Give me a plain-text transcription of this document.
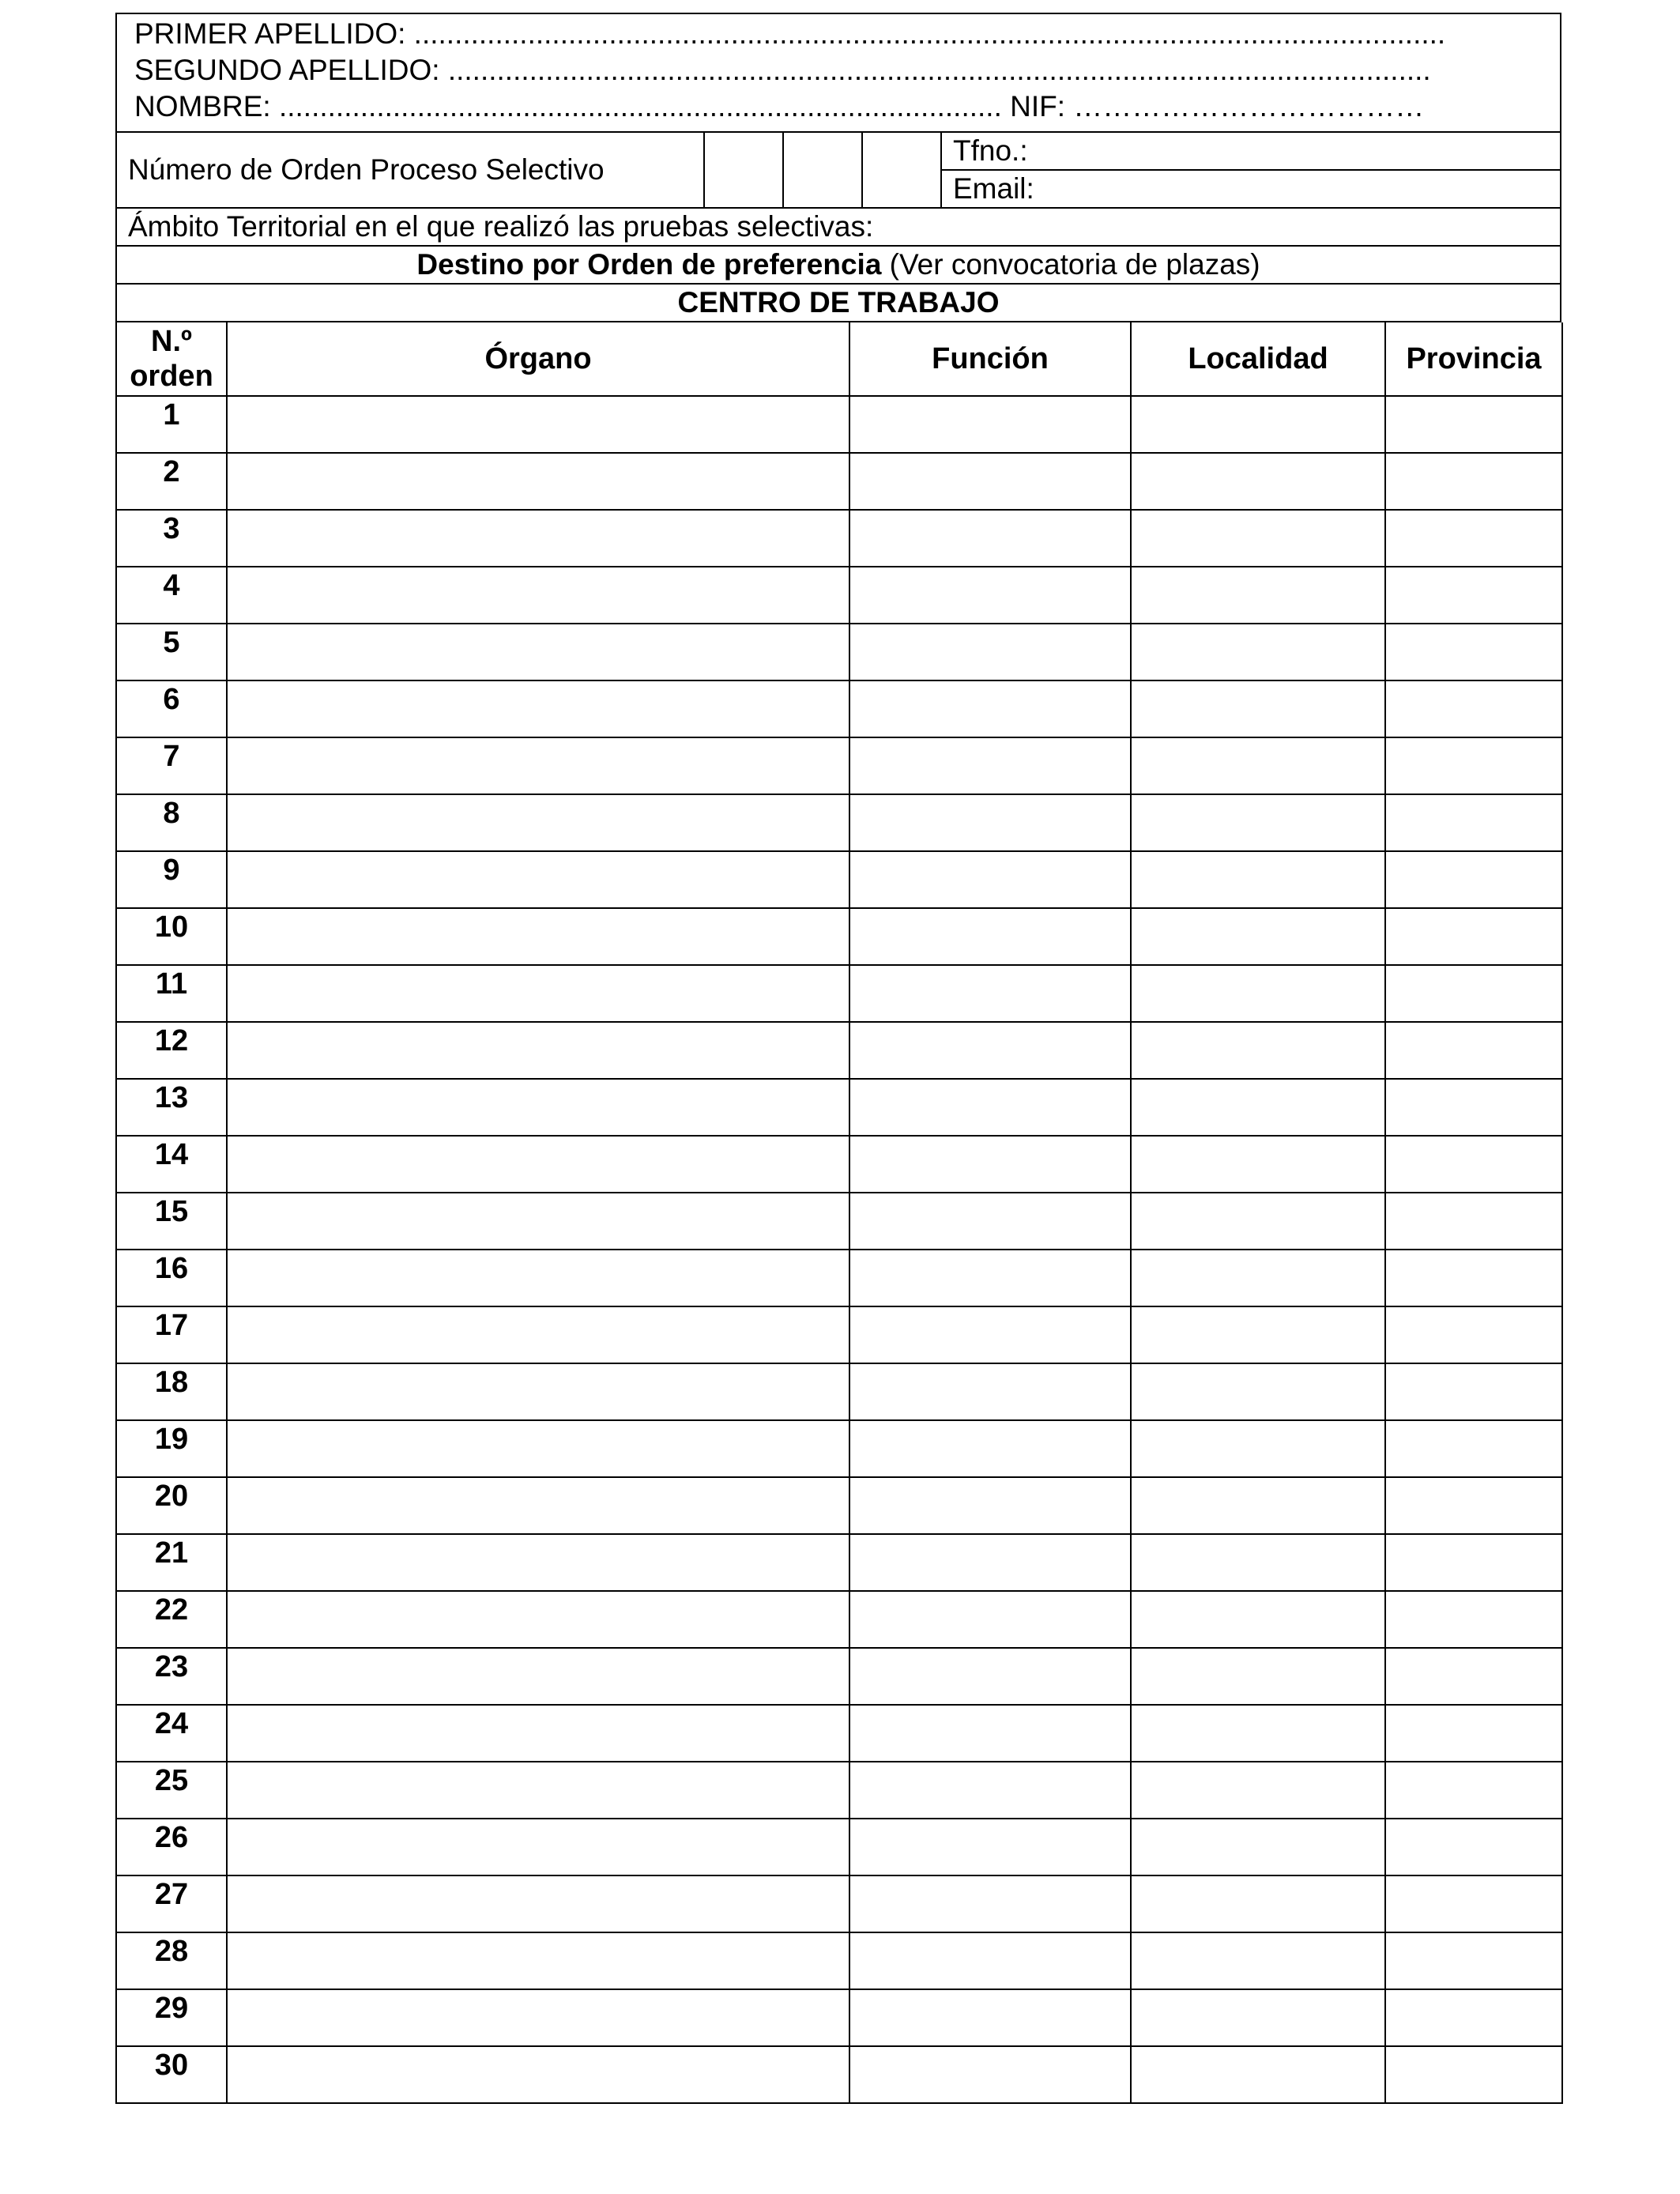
PRIMER APELLIDO: ...............................................................................................................................
SEGUNDO APELLIDO: .........................................................................................................................
NOMBRE: ......................................................................................... NIF: ………………………………
Número de Orden Proceso Selectivo
Tfno.:
Email:
Ámbito Territorial en el que realizó las pruebas selectivas:
Destino por Orden de preferencia (Ver convocatoria de plazas)
CENTRO DE TRABAJO
N.º orden	Órgano	Función	Localidad	Provincia
1				
2				
3				
4				
5				
6				
7				
8				
9				
10				
11				
12				
13				
14				
15				
16				
17				
18				
19				
20				
21				
22				
23				
24				
25				
26				
27				
28				
29				
30				
